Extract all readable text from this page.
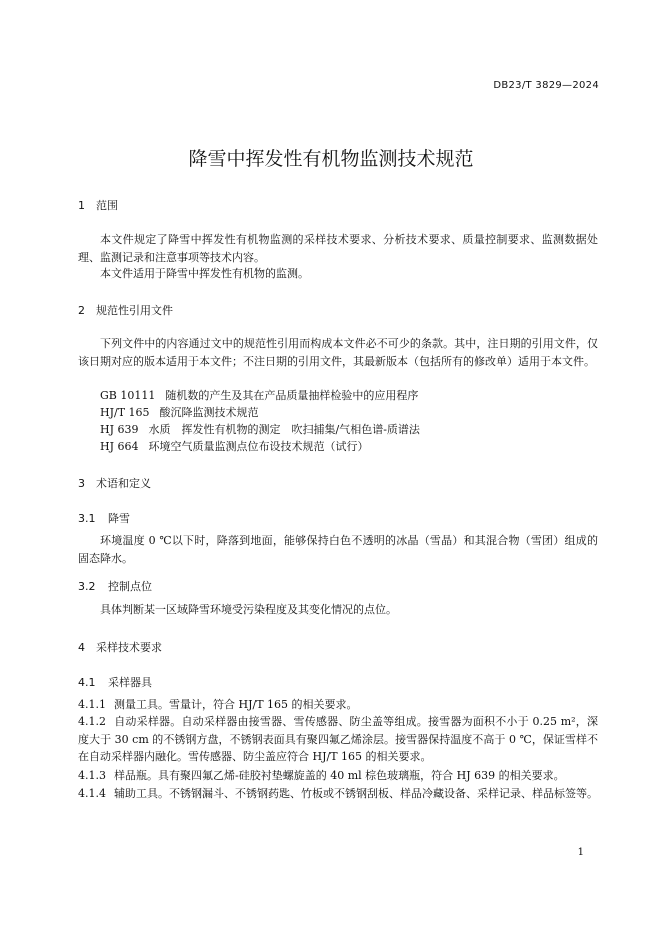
DB23/T 3829—2024
降雪中挥发性有机物监测技术规范
1 范围
本文件规定了降雪中挥发性有机物监测的采样技术要求、分析技术要求、质量控制要求、监测数据处理、监测记录和注意事项等技术内容。
本文件适用于降雪中挥发性有机物的监测。
2 规范性引用文件
下列文件中的内容通过文中的规范性引用而构成本文件必不可少的条款。其中，注日期的引用文件，仅该日期对应的版本适用于本文件；不注日期的引用文件，其最新版本（包括所有的修改单）适用于本文件。
GB 10111 随机数的产生及其在产品质量抽样检验中的应用程序
HJ/T 165 酸沉降监测技术规范
HJ 639 水质　挥发性有机物的测定　吹扫捕集/气相色谱-质谱法
HJ 664 环境空气质量监测点位布设技术规范（试行）
3 术语和定义
3.1 降雪
环境温度 0 ℃以下时，降落到地面，能够保持白色不透明的冰晶（雪晶）和其混合物（雪团）组成的固态降水。
3.2 控制点位
具体判断某一区域降雪环境受污染程度及其变化情况的点位。
4 采样技术要求
4.1 采样器具
4.1.1 测量工具。雪量计，符合 HJ/T 165 的相关要求。
4.1.2 自动采样器。自动采样器由接雪器、雪传感器、防尘盖等组成。接雪器为面积不小于 0.25 m²，深度大于 30 cm 的不锈钢方盘，不锈钢表面具有聚四氟乙烯涂层。接雪器保持温度不高于 0 ℃，保证雪样不在自动采样器内融化。雪传感器、防尘盖应符合 HJ/T 165 的相关要求。
4.1.3 样品瓶。具有聚四氟乙烯-硅胶衬垫螺旋盖的 40 ml 棕色玻璃瓶，符合 HJ 639 的相关要求。
4.1.4 辅助工具。不锈钢漏斗、不锈钢药匙、竹板或不锈钢刮板、样品冷藏设备、采样记录、样品标签等。
1
